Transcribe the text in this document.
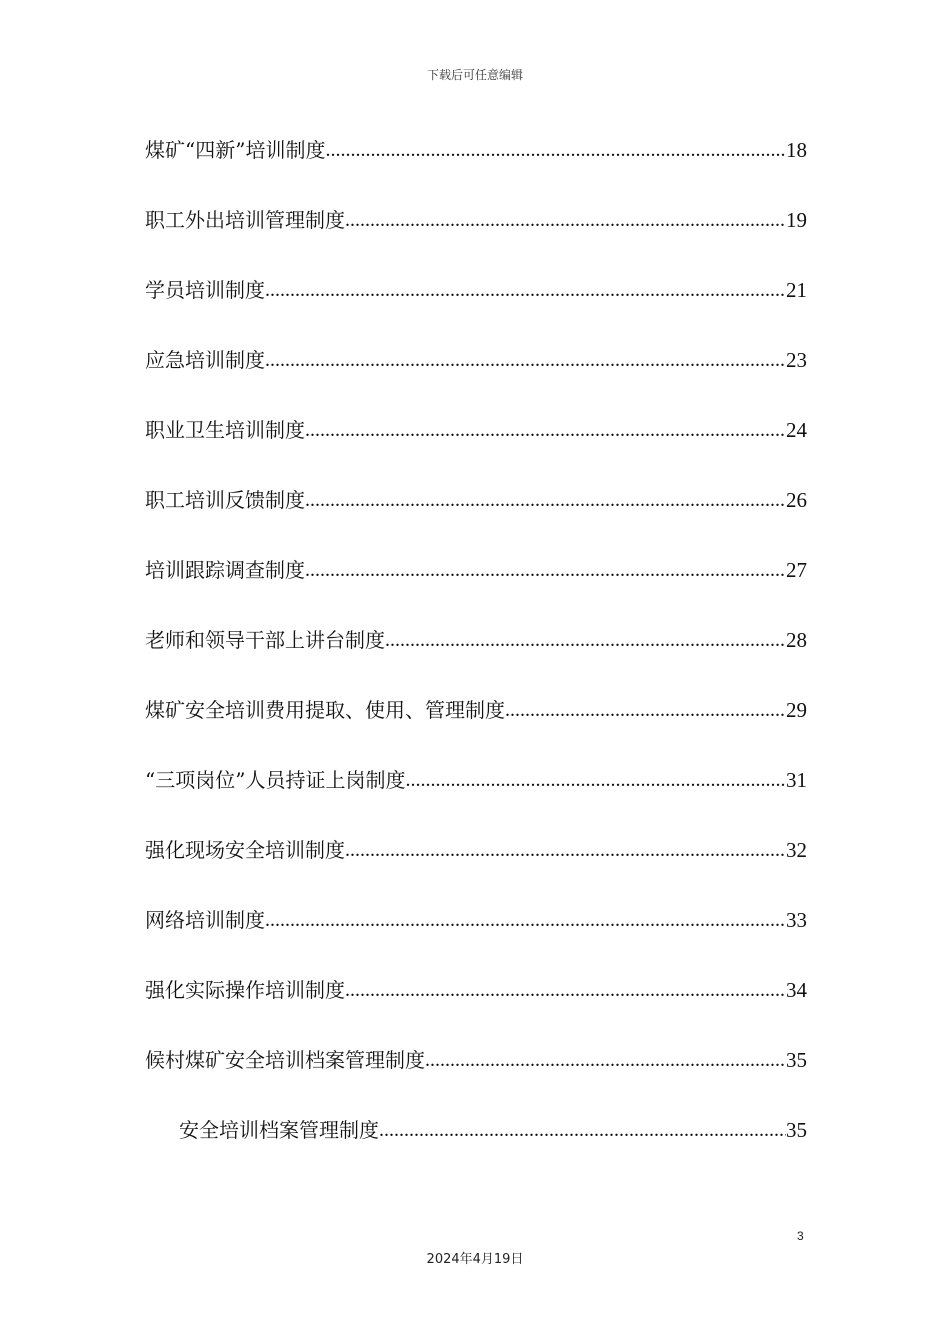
下载后可任意编辑
煤矿“四新”培训制度 .....	18
职工外出培训管理制度 .....	19
学员培训制度 .....	21
应急培训制度 .....	23
职业卫生培训制度 .....	24
职工培训反馈制度 .....	26
培训跟踪调查制度 .....	27
老师和领导干部上讲台制度 .....	28
煤矿安全培训费用提取、使用、管理制度 .....	29
“三项岗位”人员持证上岗制度 .....	31
强化现场安全培训制度 .....	32
网络培训制度 .....	33
强化实际操作培训制度 .....	34
候村煤矿安全培训档案管理制度 .....	35
安全培训档案管理制度 .....	35
3
2024年4月19日
